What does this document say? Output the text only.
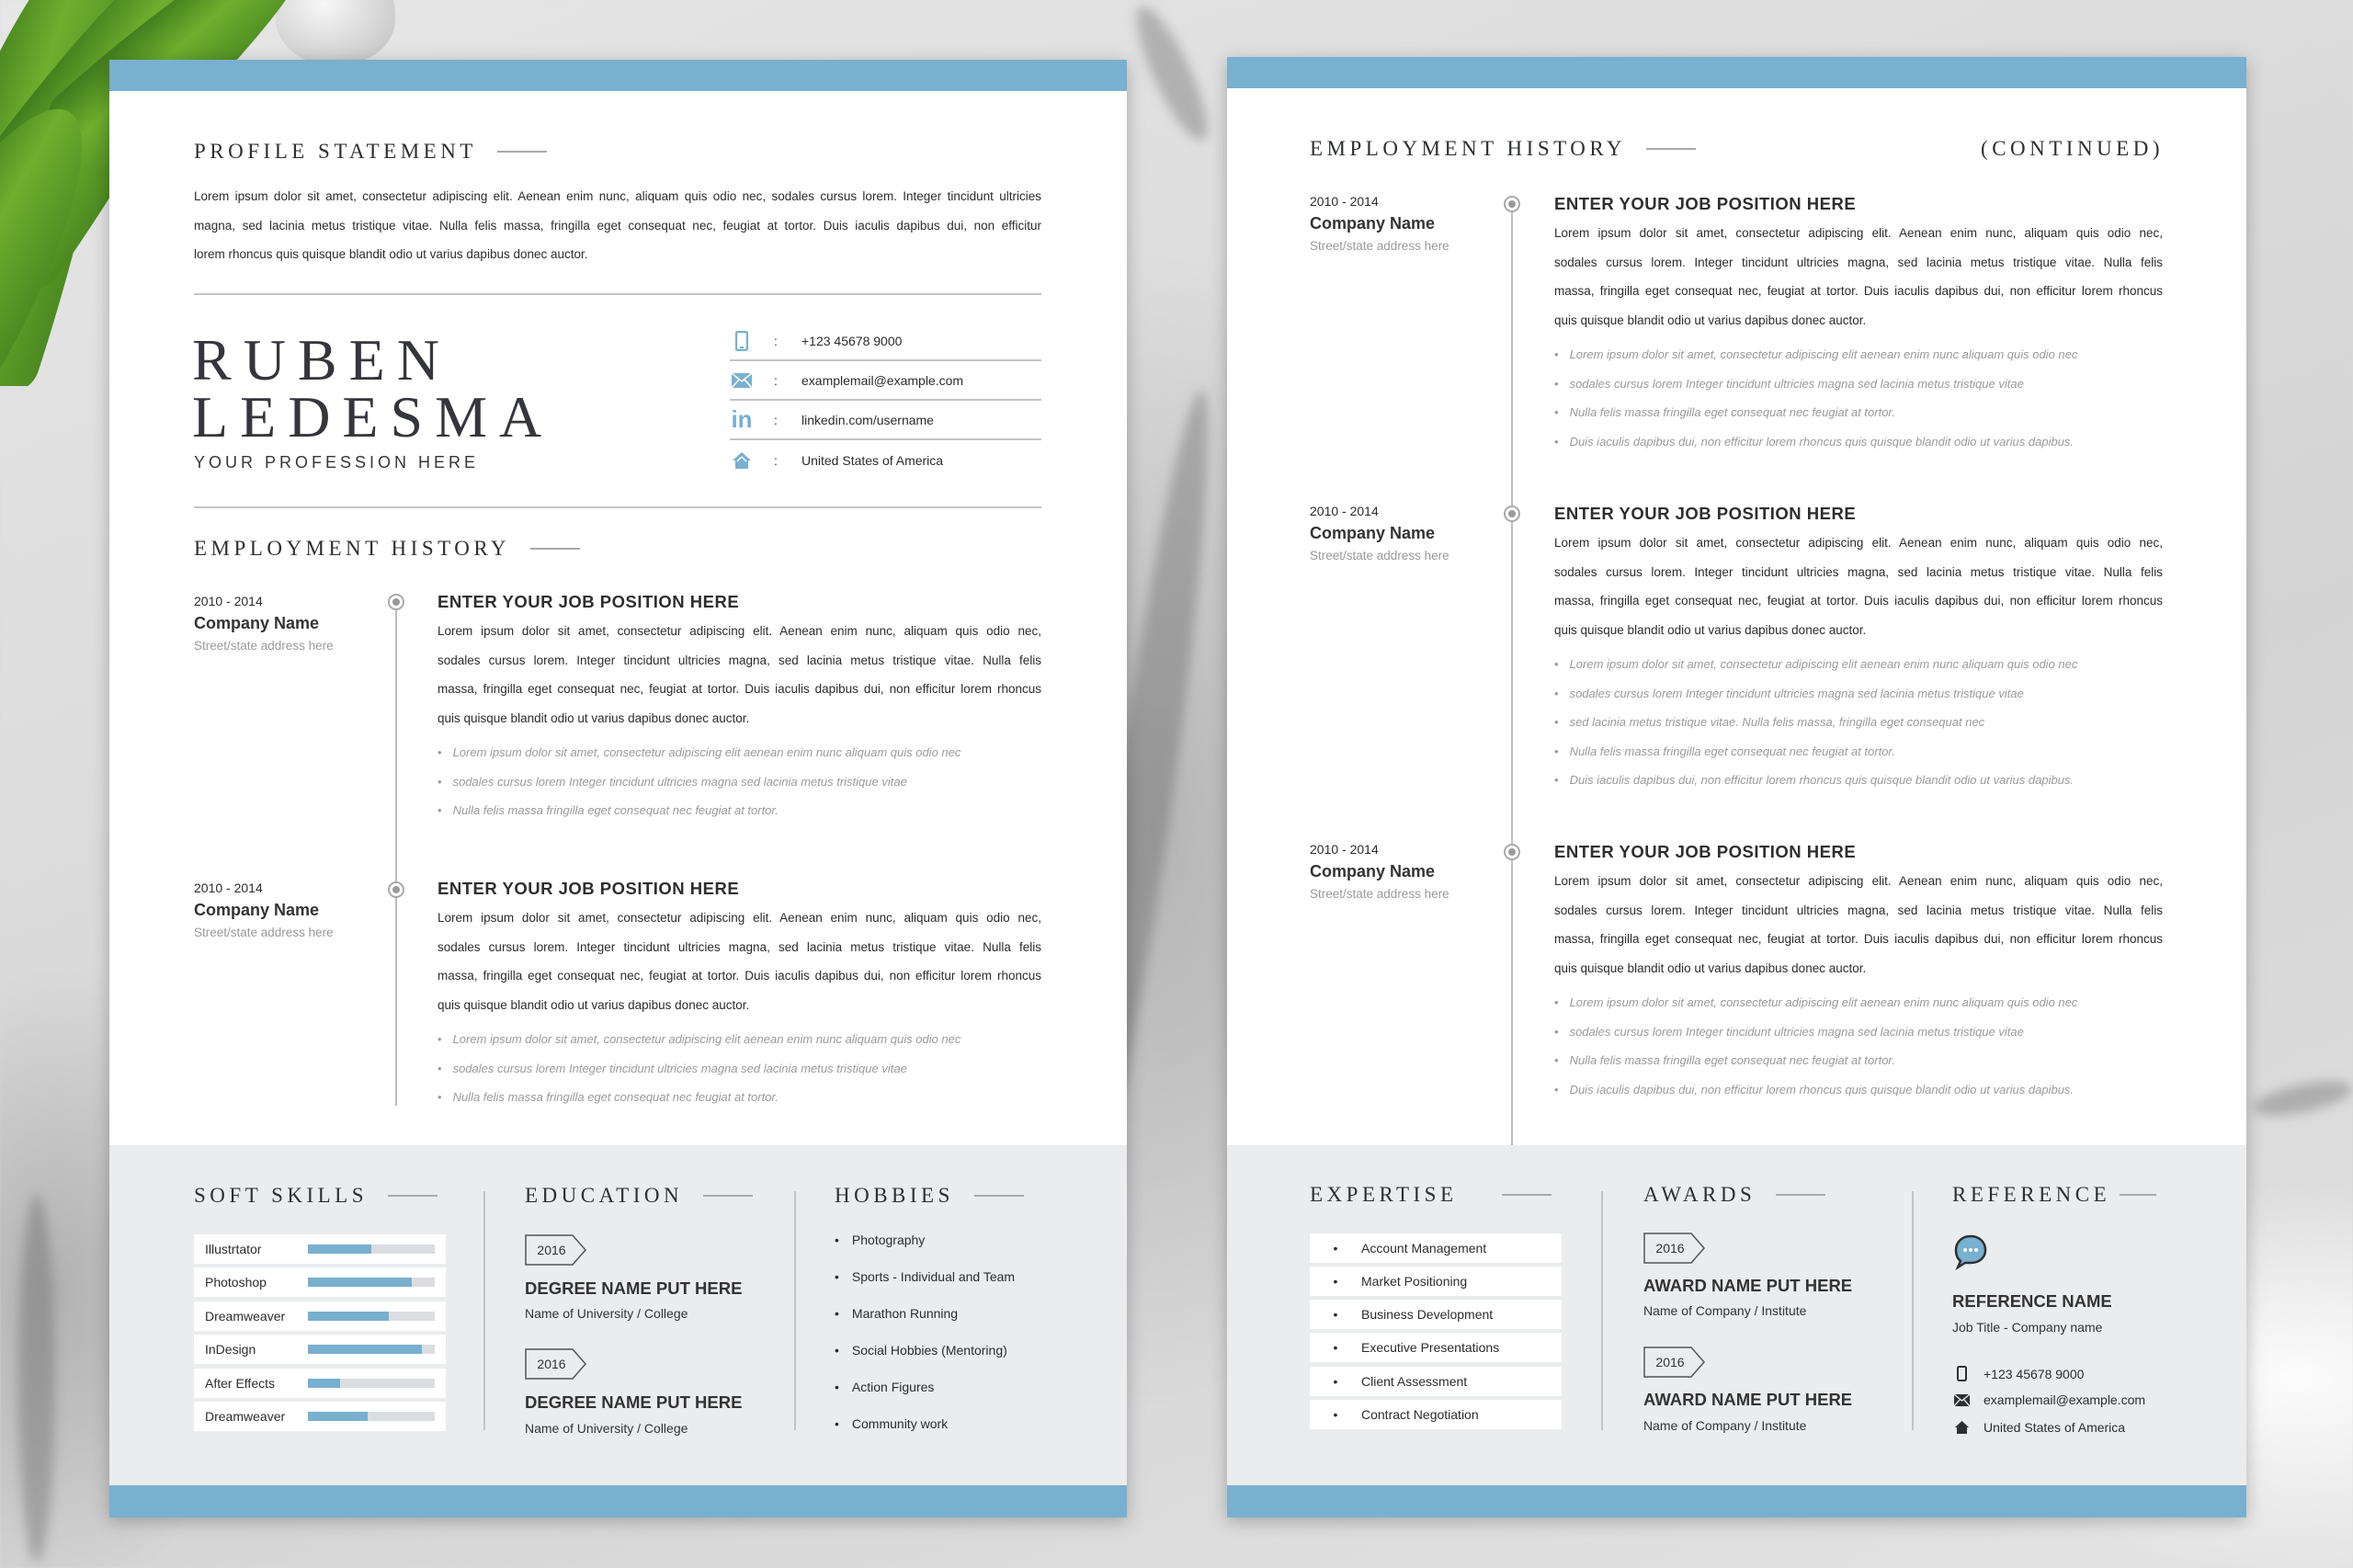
PROFILE STATEMENT
Lorem ipsum dolor sit amet, consectetur adipiscing elit. Aenean enim nunc, aliquam quis odio nec, sodales cursus lorem. Integer tincidunt ultricies
magna, sed lacinia metus tristique vitae. Nulla felis massa, fringilla eget consequat nec, feugiat at tortor. Duis iaculis dapibus dui, non efficitur
lorem rhoncus quis quisque blandit odio ut varius dapibus donec auctor.
RUBEN
LEDESMA
YOUR PROFESSION HERE
:	+123 45678 9000
:	examplemail@example.com
in	:	linkedin.com/username
:	United States of America
EMPLOYMENT HISTORY
2010 - 2014
Company Name
Street/state address here
ENTER YOUR JOB POSITION HERE
Lorem ipsum dolor sit amet, consectetur adipiscing elit. Aenean enim nunc, aliquam quis odio nec,
sodales cursus lorem. Integer tincidunt ultricies magna, sed lacinia metus tristique vitae. Nulla felis
massa, fringilla eget consequat nec, feugiat at tortor. Duis iaculis dapibus dui, non efficitur lorem rhoncus
quis quisque blandit odio ut varius dapibus donec auctor.
• Lorem ipsum dolor sit amet, consectetur adipiscing elit aenean enim nunc aliquam quis odio nec
• sodales cursus lorem Integer tincidunt ultricies magna sed lacinia metus tristique vitae
• Nulla felis massa fringilla eget consequat nec feugiat at tortor.
2010 - 2014
Company Name
Street/state address here
ENTER YOUR JOB POSITION HERE
Lorem ipsum dolor sit amet, consectetur adipiscing elit. Aenean enim nunc, aliquam quis odio nec,
sodales cursus lorem. Integer tincidunt ultricies magna, sed lacinia metus tristique vitae. Nulla felis
massa, fringilla eget consequat nec, feugiat at tortor. Duis iaculis dapibus dui, non efficitur lorem rhoncus
quis quisque blandit odio ut varius dapibus donec auctor.
• Lorem ipsum dolor sit amet, consectetur adipiscing elit aenean enim nunc aliquam quis odio nec
• sodales cursus lorem Integer tincidunt ultricies magna sed lacinia metus tristique vitae
• Nulla felis massa fringilla eget consequat nec feugiat at tortor.
SOFT SKILLS
Illustrtator
Photoshop
Dreamweaver
InDesign
After Effects
Dreamweaver
EDUCATION
2016
DEGREE NAME PUT HERE
Name of University / College
2016
DEGREE NAME PUT HERE
Name of University / College
HOBBIES
• Photography
• Sports - Individual and Team
• Marathon Running
• Social Hobbies (Mentoring)
• Action Figures
• Community work
EMPLOYMENT HISTORY	(CONTINUED)
2010 - 2014
Company Name
Street/state address here
ENTER YOUR JOB POSITION HERE
Lorem ipsum dolor sit amet, consectetur adipiscing elit. Aenean enim nunc, aliquam quis odio nec,
sodales cursus lorem. Integer tincidunt ultricies magna, sed lacinia metus tristique vitae. Nulla felis
massa, fringilla eget consequat nec, feugiat at tortor. Duis iaculis dapibus dui, non efficitur lorem rhoncus
quis quisque blandit odio ut varius dapibus donec auctor.
• Lorem ipsum dolor sit amet, consectetur adipiscing elit aenean enim nunc aliquam quis odio nec
• sodales cursus lorem Integer tincidunt ultricies magna sed lacinia metus tristique vitae
• Nulla felis massa fringilla eget consequat nec feugiat at tortor.
• Duis iaculis dapibus dui, non efficitur lorem rhoncus quis quisque blandit odio ut varius dapibus.
2010 - 2014
Company Name
Street/state address here
ENTER YOUR JOB POSITION HERE
Lorem ipsum dolor sit amet, consectetur adipiscing elit. Aenean enim nunc, aliquam quis odio nec,
sodales cursus lorem. Integer tincidunt ultricies magna, sed lacinia metus tristique vitae. Nulla felis
massa, fringilla eget consequat nec, feugiat at tortor. Duis iaculis dapibus dui, non efficitur lorem rhoncus
quis quisque blandit odio ut varius dapibus donec auctor.
• Lorem ipsum dolor sit amet, consectetur adipiscing elit aenean enim nunc aliquam quis odio nec
• sodales cursus lorem Integer tincidunt ultricies magna sed lacinia metus tristique vitae
• sed lacinia metus tristique vitae. Nulla felis massa, fringilla eget consequat nec
• Nulla felis massa fringilla eget consequat nec feugiat at tortor.
• Duis iaculis dapibus dui, non efficitur lorem rhoncus quis quisque blandit odio ut varius dapibus.
2010 - 2014
Company Name
Street/state address here
ENTER YOUR JOB POSITION HERE
Lorem ipsum dolor sit amet, consectetur adipiscing elit. Aenean enim nunc, aliquam quis odio nec,
sodales cursus lorem. Integer tincidunt ultricies magna, sed lacinia metus tristique vitae. Nulla felis
massa, fringilla eget consequat nec, feugiat at tortor. Duis iaculis dapibus dui, non efficitur lorem rhoncus
quis quisque blandit odio ut varius dapibus donec auctor.
• Lorem ipsum dolor sit amet, consectetur adipiscing elit aenean enim nunc aliquam quis odio nec
• sodales cursus lorem Integer tincidunt ultricies magna sed lacinia metus tristique vitae
• Nulla felis massa fringilla eget consequat nec feugiat at tortor.
• Duis iaculis dapibus dui, non efficitur lorem rhoncus quis quisque blandit odio ut varius dapibus.
EXPERTISE
•	Account Management
•	Market Positioning
•	Business Development
•	Executive Presentations
•	Client Assessment
•	Contract Negotiation
AWARDS
2016
AWARD NAME PUT HERE
Name of Company / Institute
2016
AWARD NAME PUT HERE
Name of Company / Institute
REFERENCE
REFERENCE NAME
Job Title - Company name
+123 45678 9000
examplemail@example.com
United States of America
